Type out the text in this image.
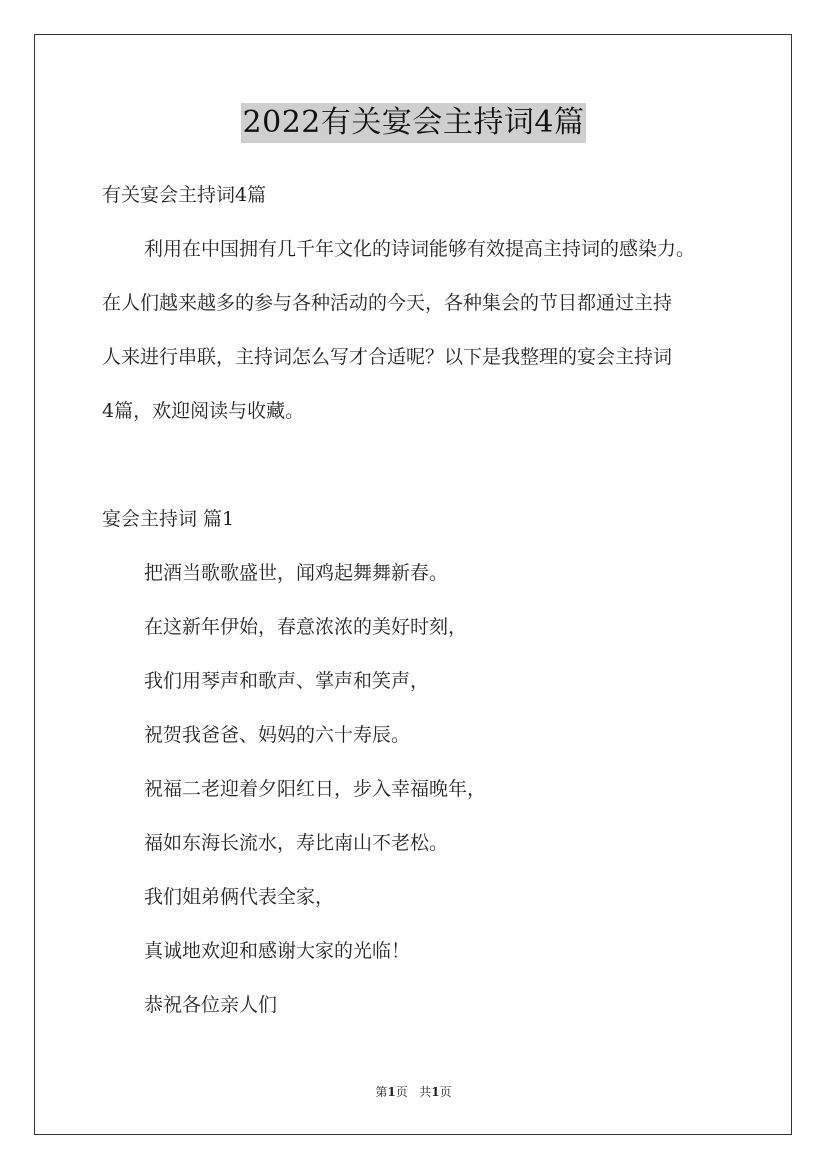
2022有关宴会主持词4篇
有关宴会主持词4篇
利用在中国拥有几千年文化的诗词能够有效提高主持词的感染力。
在人们越来越多的参与各种活动的今天，各种集会的节目都通过主持
人来进行串联，主持词怎么写才合适呢？以下是我整理的宴会主持词
4篇，欢迎阅读与收藏。
宴会主持词 篇1
把酒当歌歌盛世，闻鸡起舞舞新春。
在这新年伊始，春意浓浓的美好时刻，
我们用琴声和歌声、掌声和笑声，
祝贺我爸爸、妈妈的六十寿辰。
祝福二老迎着夕阳红日，步入幸福晚年，
福如东海长流水，寿比南山不老松。
我们姐弟俩代表全家，
真诚地欢迎和感谢大家的光临！
恭祝各位亲人们
第1页 共1页
